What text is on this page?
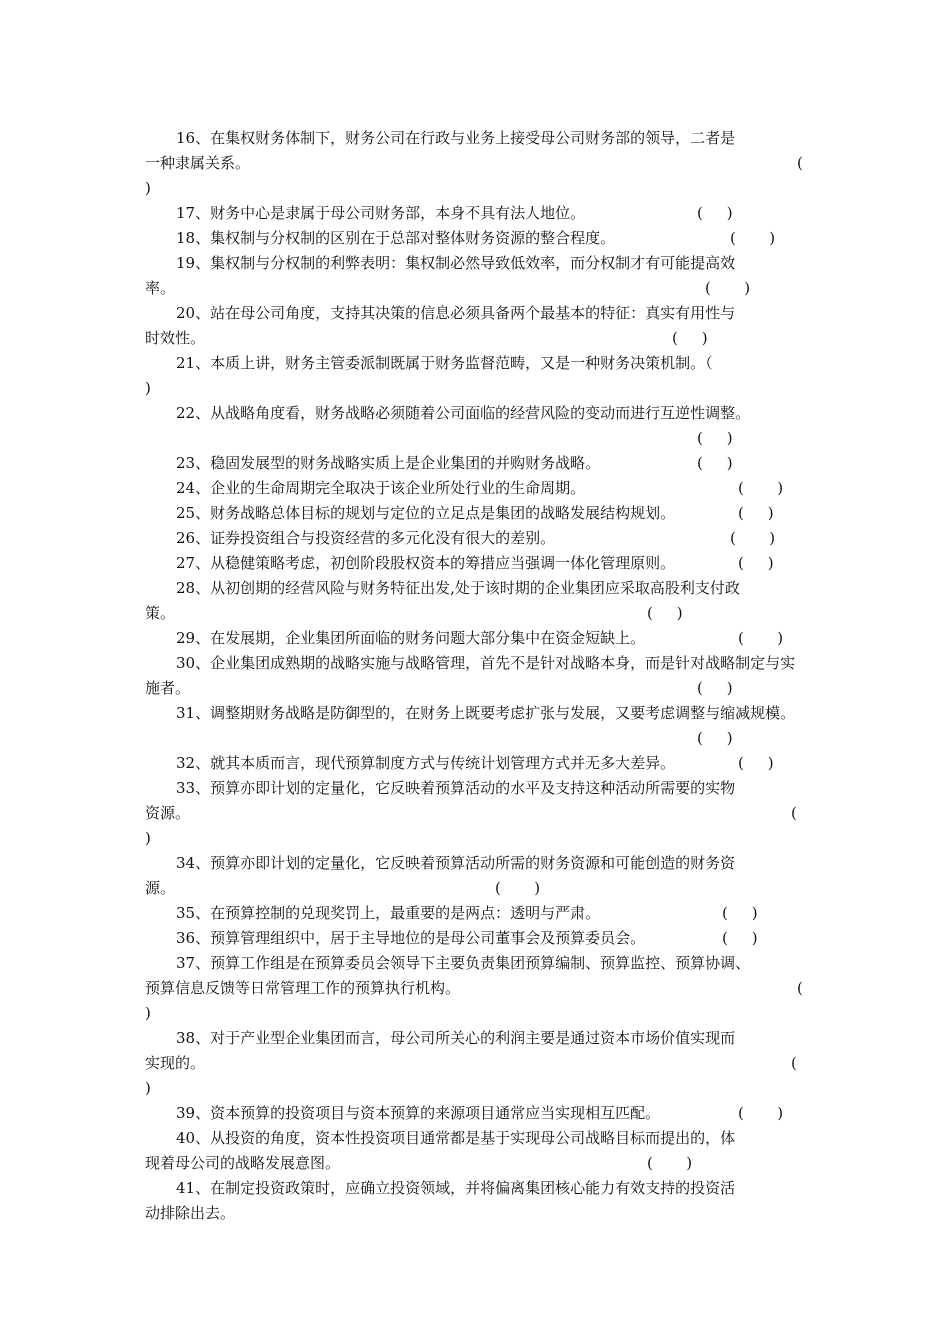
16、在集权财务体制下，财务公司在行政与业务上接受母公司财务部的领导，二者是
一种隶属关系。	(
)
17、财务中心是隶属于母公司财务部，本身不具有法人地位。	(     )
18、集权制与分权制的区别在于总部对整体财务资源的整合程度。	(       )
19、集权制与分权制的利弊表明：集权制必然导致低效率，而分权制才有可能提高效
率。	(       )
20、站在母公司角度，支持其决策的信息必须具备两个最基本的特征：真实有用性与
时效性。	(     )
21、本质上讲，财务主管委派制既属于财务监督范畴，又是一种财务决策机制。（
)
22、从战略角度看，财务战略必须随着公司面临的经营风险的变动而进行互逆性调整。
(     )
23、稳固发展型的财务战略实质上是企业集团的并购财务战略。	(     )
24、企业的生命周期完全取决于该企业所处行业的生命周期。	(       )
25、财务战略总体目标的规划与定位的立足点是集团的战略发展结构规划。	(     )
26、证券投资组合与投资经营的多元化没有很大的差别。	(       )
27、从稳健策略考虑，初创阶段股权资本的筹措应当强调一体化管理原则。	(     )
28、从初创期的经营风险与财务特征出发,处于该时期的企业集团应采取高股利支付政
策。	(     )
29、在发展期，企业集团所面临的财务问题大部分集中在资金短缺上。	(       )
30、企业集团成熟期的战略实施与战略管理，首先不是针对战略本身，而是针对战略制定与实
施者。	(     )
31、调整期财务战略是防御型的，在财务上既要考虑扩张与发展，又要考虑调整与缩减规模。
(     )
32、就其本质而言，现代预算制度方式与传统计划管理方式并无多大差异。	(     )
33、预算亦即计划的定量化，它反映着预算活动的水平及支持这种活动所需要的实物
资源。	(
)
34、预算亦即计划的定量化，它反映着预算活动所需的财务资源和可能创造的财务资
源。	(       )
35、在预算控制的兑现奖罚上，最重要的是两点：透明与严肃。	(     )
36、预算管理组织中，居于主导地位的是母公司董事会及预算委员会。	(     )
37、预算工作组是在预算委员会领导下主要负责集团预算编制、预算监控、预算协调、
预算信息反馈等日常管理工作的预算执行机构。	(
)
38、对于产业型企业集团而言，母公司所关心的利润主要是通过资本市场价值实现而
实现的。	(
)
39、资本预算的投资项目与资本预算的来源项目通常应当实现相互匹配。	(       )
40、从投资的角度，资本性投资项目通常都是基于实现母公司战略目标而提出的，体
现着母公司的战略发展意图。	(       )
41、在制定投资政策时，应确立投资领域，并将偏离集团核心能力有效支持的投资活
动排除出去。
